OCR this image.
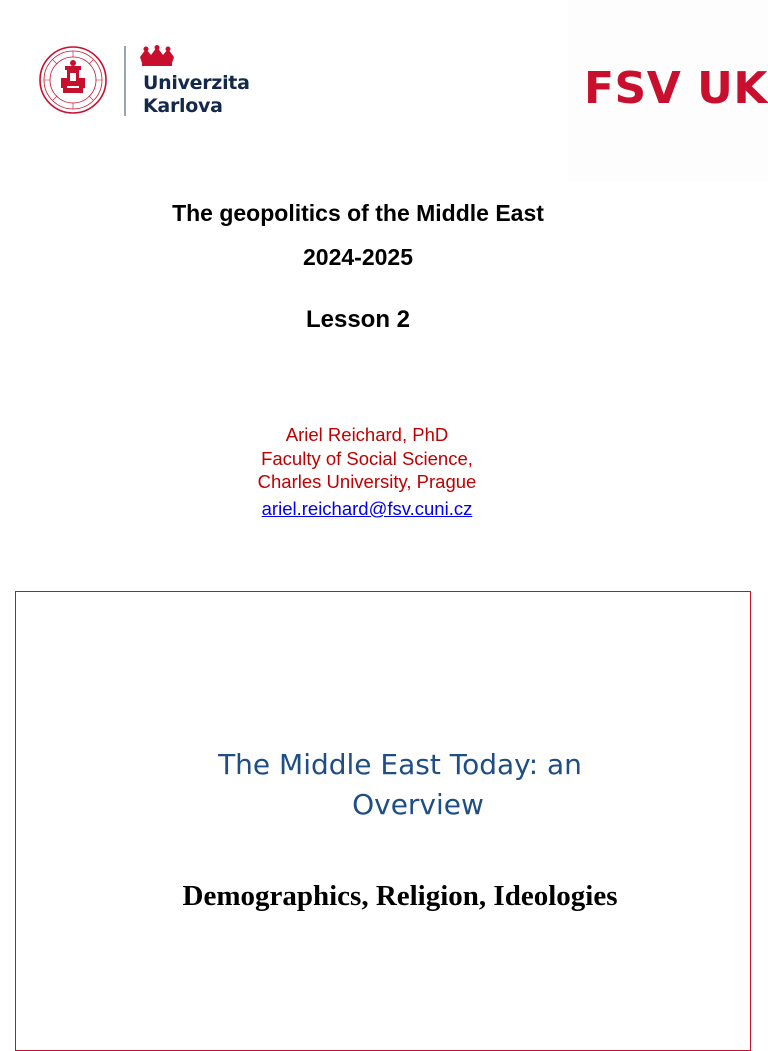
Univerzita
Karlova	FSV UK
The geopolitics of the Middle East
2024-2025
Lesson 2
Ariel Reichard, PhD
Faculty of Social Science,
Charles University, Prague
ariel.reichard@fsv.cuni.cz
The Middle East Today: an
Overview
Demographics, Religion, Ideologies
